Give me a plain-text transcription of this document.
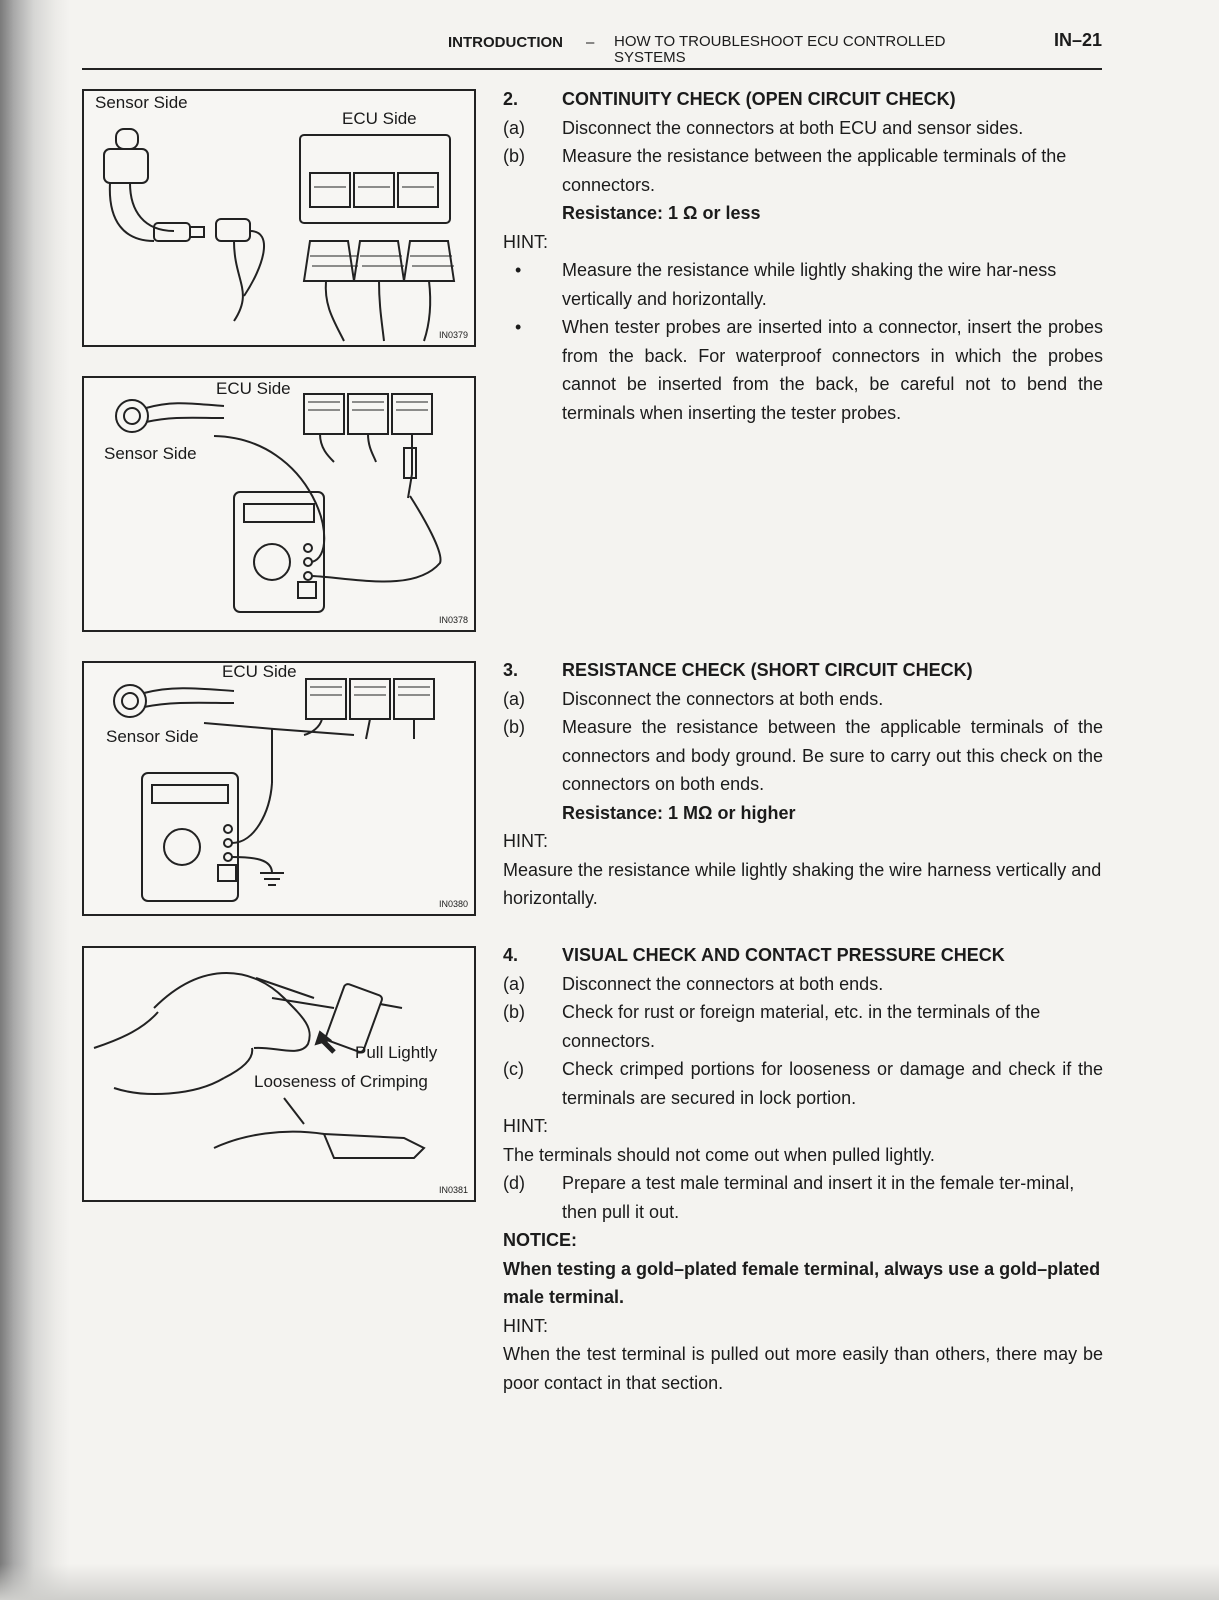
INTRODUCTION – HOW TO TROUBLESHOOT ECU CONTROLLED SYSTEMS
IN–21
Sensor Side
ECU Side
IN0379
ECU Side
Sensor Side
IN0378
ECU Side
Sensor Side
IN0380
Pull Lightly
Looseness of Crimping
IN0381
2. CONTINUITY CHECK (OPEN CIRCUIT CHECK)
(a) Disconnect the connectors at both ECU and sensor sides.
(b) Measure the resistance between the applicable terminals of the connectors.
Resistance: 1 Ω or less
HINT:
• Measure the resistance while lightly shaking the wire har-ness vertically and horizontally.
• When tester probes are inserted into a connector, insert the probes from the back. For waterproof connectors in which the probes cannot be inserted from the back, be careful not to bend the terminals when inserting the tester probes.
3. RESISTANCE CHECK (SHORT CIRCUIT CHECK)
(a) Disconnect the connectors at both ends.
(b) Measure the resistance between the applicable terminals of the connectors and body ground. Be sure to carry out this check on the connectors on both ends.
Resistance: 1 MΩ or higher
HINT:
Measure the resistance while lightly shaking the wire harness vertically and horizontally.
4. VISUAL CHECK AND CONTACT PRESSURE CHECK
(a) Disconnect the connectors at both ends.
(b) Check for rust or foreign material, etc. in the terminals of the connectors.
(c) Check crimped portions for looseness or damage and check if the terminals are secured in lock portion.
HINT:
The terminals should not come out when pulled lightly.
(d) Prepare a test male terminal and insert it in the female ter-minal, then pull it out.
NOTICE:
When testing a gold–plated female terminal, always use a gold–plated male terminal.
HINT:
When the test terminal is pulled out more easily than others, there may be poor contact in that section.
